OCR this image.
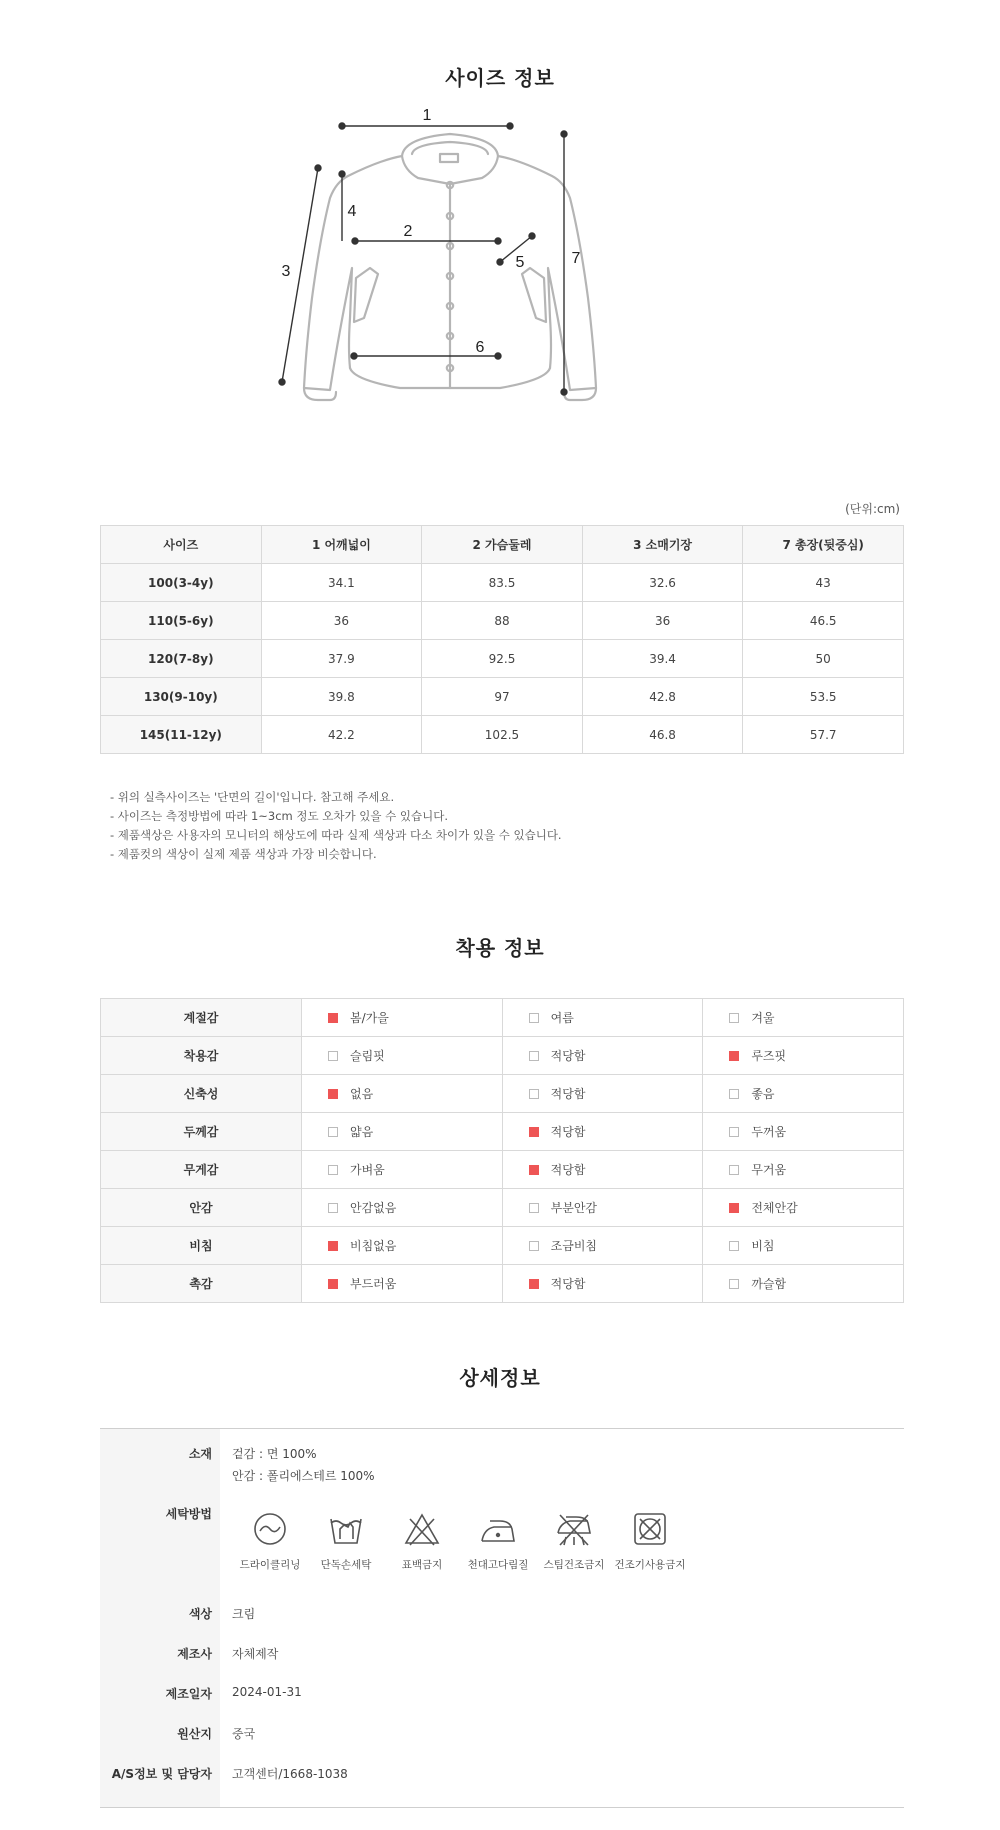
사이즈 정보
1
2
3
4
5
6
7
(단위:cm)
사이즈	1 어깨넓이	2 가슴둘레	3 소매기장	7 총장(뒷중심)
100(3-4y)	34.1	83.5	32.6	43
110(5-6y)	36	88	36	46.5
120(7-8y)	37.9	92.5	39.4	50
130(9-10y)	39.8	97	42.8	53.5
145(11-12y)	42.2	102.5	46.8	57.7
- 위의 실측사이즈는 '단면의 길이'입니다. 참고해 주세요.
- 사이즈는 측정방법에 따라 1~3cm 정도 오차가 있을 수 있습니다.
- 제품색상은 사용자의 모니터의 해상도에 따라 실제 색상과 다소 차이가 있을 수 있습니다.
- 제품컷의 색상이 실제 제품 색상과 가장 비슷합니다.
착용 정보
계절감	봄/가을	여름	겨울
착용감	슬림핏	적당함	루즈핏
신축성	없음	적당함	좋음
두께감	얇음	적당함	두꺼움
무게감	가벼움	적당함	무거움
안감	안감없음	부분안감	전체안감
비침	비침없음	조금비침	비침
촉감	부드러움	적당함	까슬함
상세정보
소재 겉감 : 면 100%
안감 : 폴리에스테르 100%
세탁방법
드라이클리닝	단독손세탁	표백금지	천대고다림질	스팀건조금지 건조기사용금지
색상 크림
제조사 자체제작
제조일자 2024-01-31
원산지 중국
A/S정보 및 담당자 고객센터/1668-1038
